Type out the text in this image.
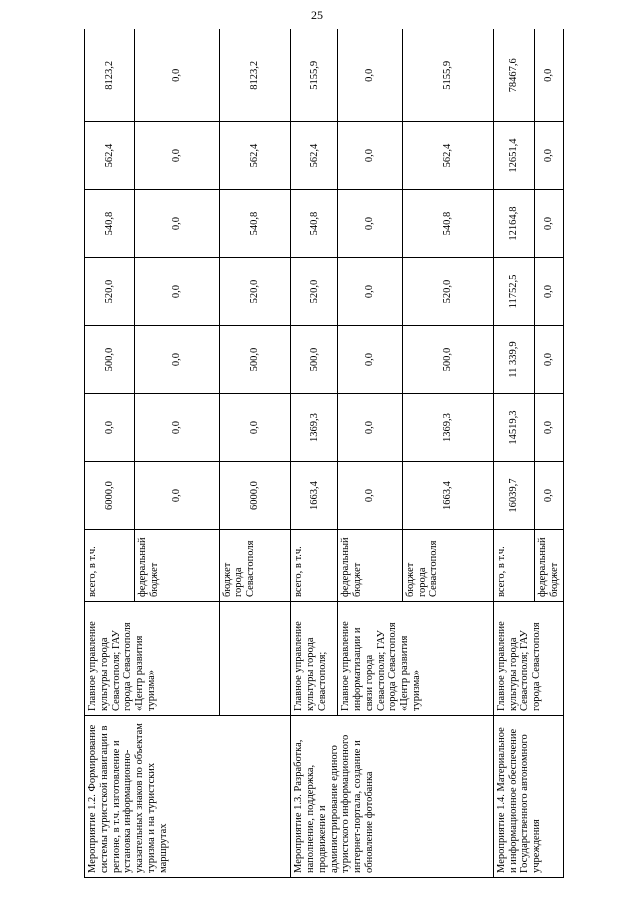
25
Мероприятие 1.2. Формирование системы туристской навигации в регионе, в т.ч. изготовление и установка информационно-указательных знаков по объектам туризма и на туристских маршрутах	Главное управление культуры города Севастополя; ГАУ города Севастополя «Центр развития туризма»	всего, в т.ч.	6000,0	0,0	500,0	520,0	540,8	562,4	8123,2
		федеральный бюджет	0,0	0,0	0,0	0,0	0,0	0,0	0,0
		бюджет города Севастополя	6000,0	0,0	500,0	520,0	540,8	562,4	8123,2
Мероприятие 1.3. Разработка, наполнение, поддержка, продвижение и администрирование единого туристского информационного интернет-портала, создание и обновление фотобанка	Главное управление культуры города Севастополя;	всего, в т.ч.	1663,4	1369,3	500,0	520,0	540,8	562,4	5155,9
	Главное управление информатизации и связи города Севастополя; ГАУ города Севастополя «Центр развития туризма»	федеральный бюджет	0,0	0,0	0,0	0,0	0,0	0,0	0,0
		бюджет города Севастополя	1663,4	1369,3	500,0	520,0	540,8	562,4	5155,9
Мероприятие 1.4. Материальное и информационное обеспечение Государственного автономного учреждения	Главное управление культуры города Севастополя; ГАУ города Севастополя	всего, в т.ч.	16039,7	14519,3	11 339,9	11752,5	12164,8	12651,4	78467,6
		федеральный бюджет	0,0	0,0	0,0	0,0	0,0	0,0	0,0
